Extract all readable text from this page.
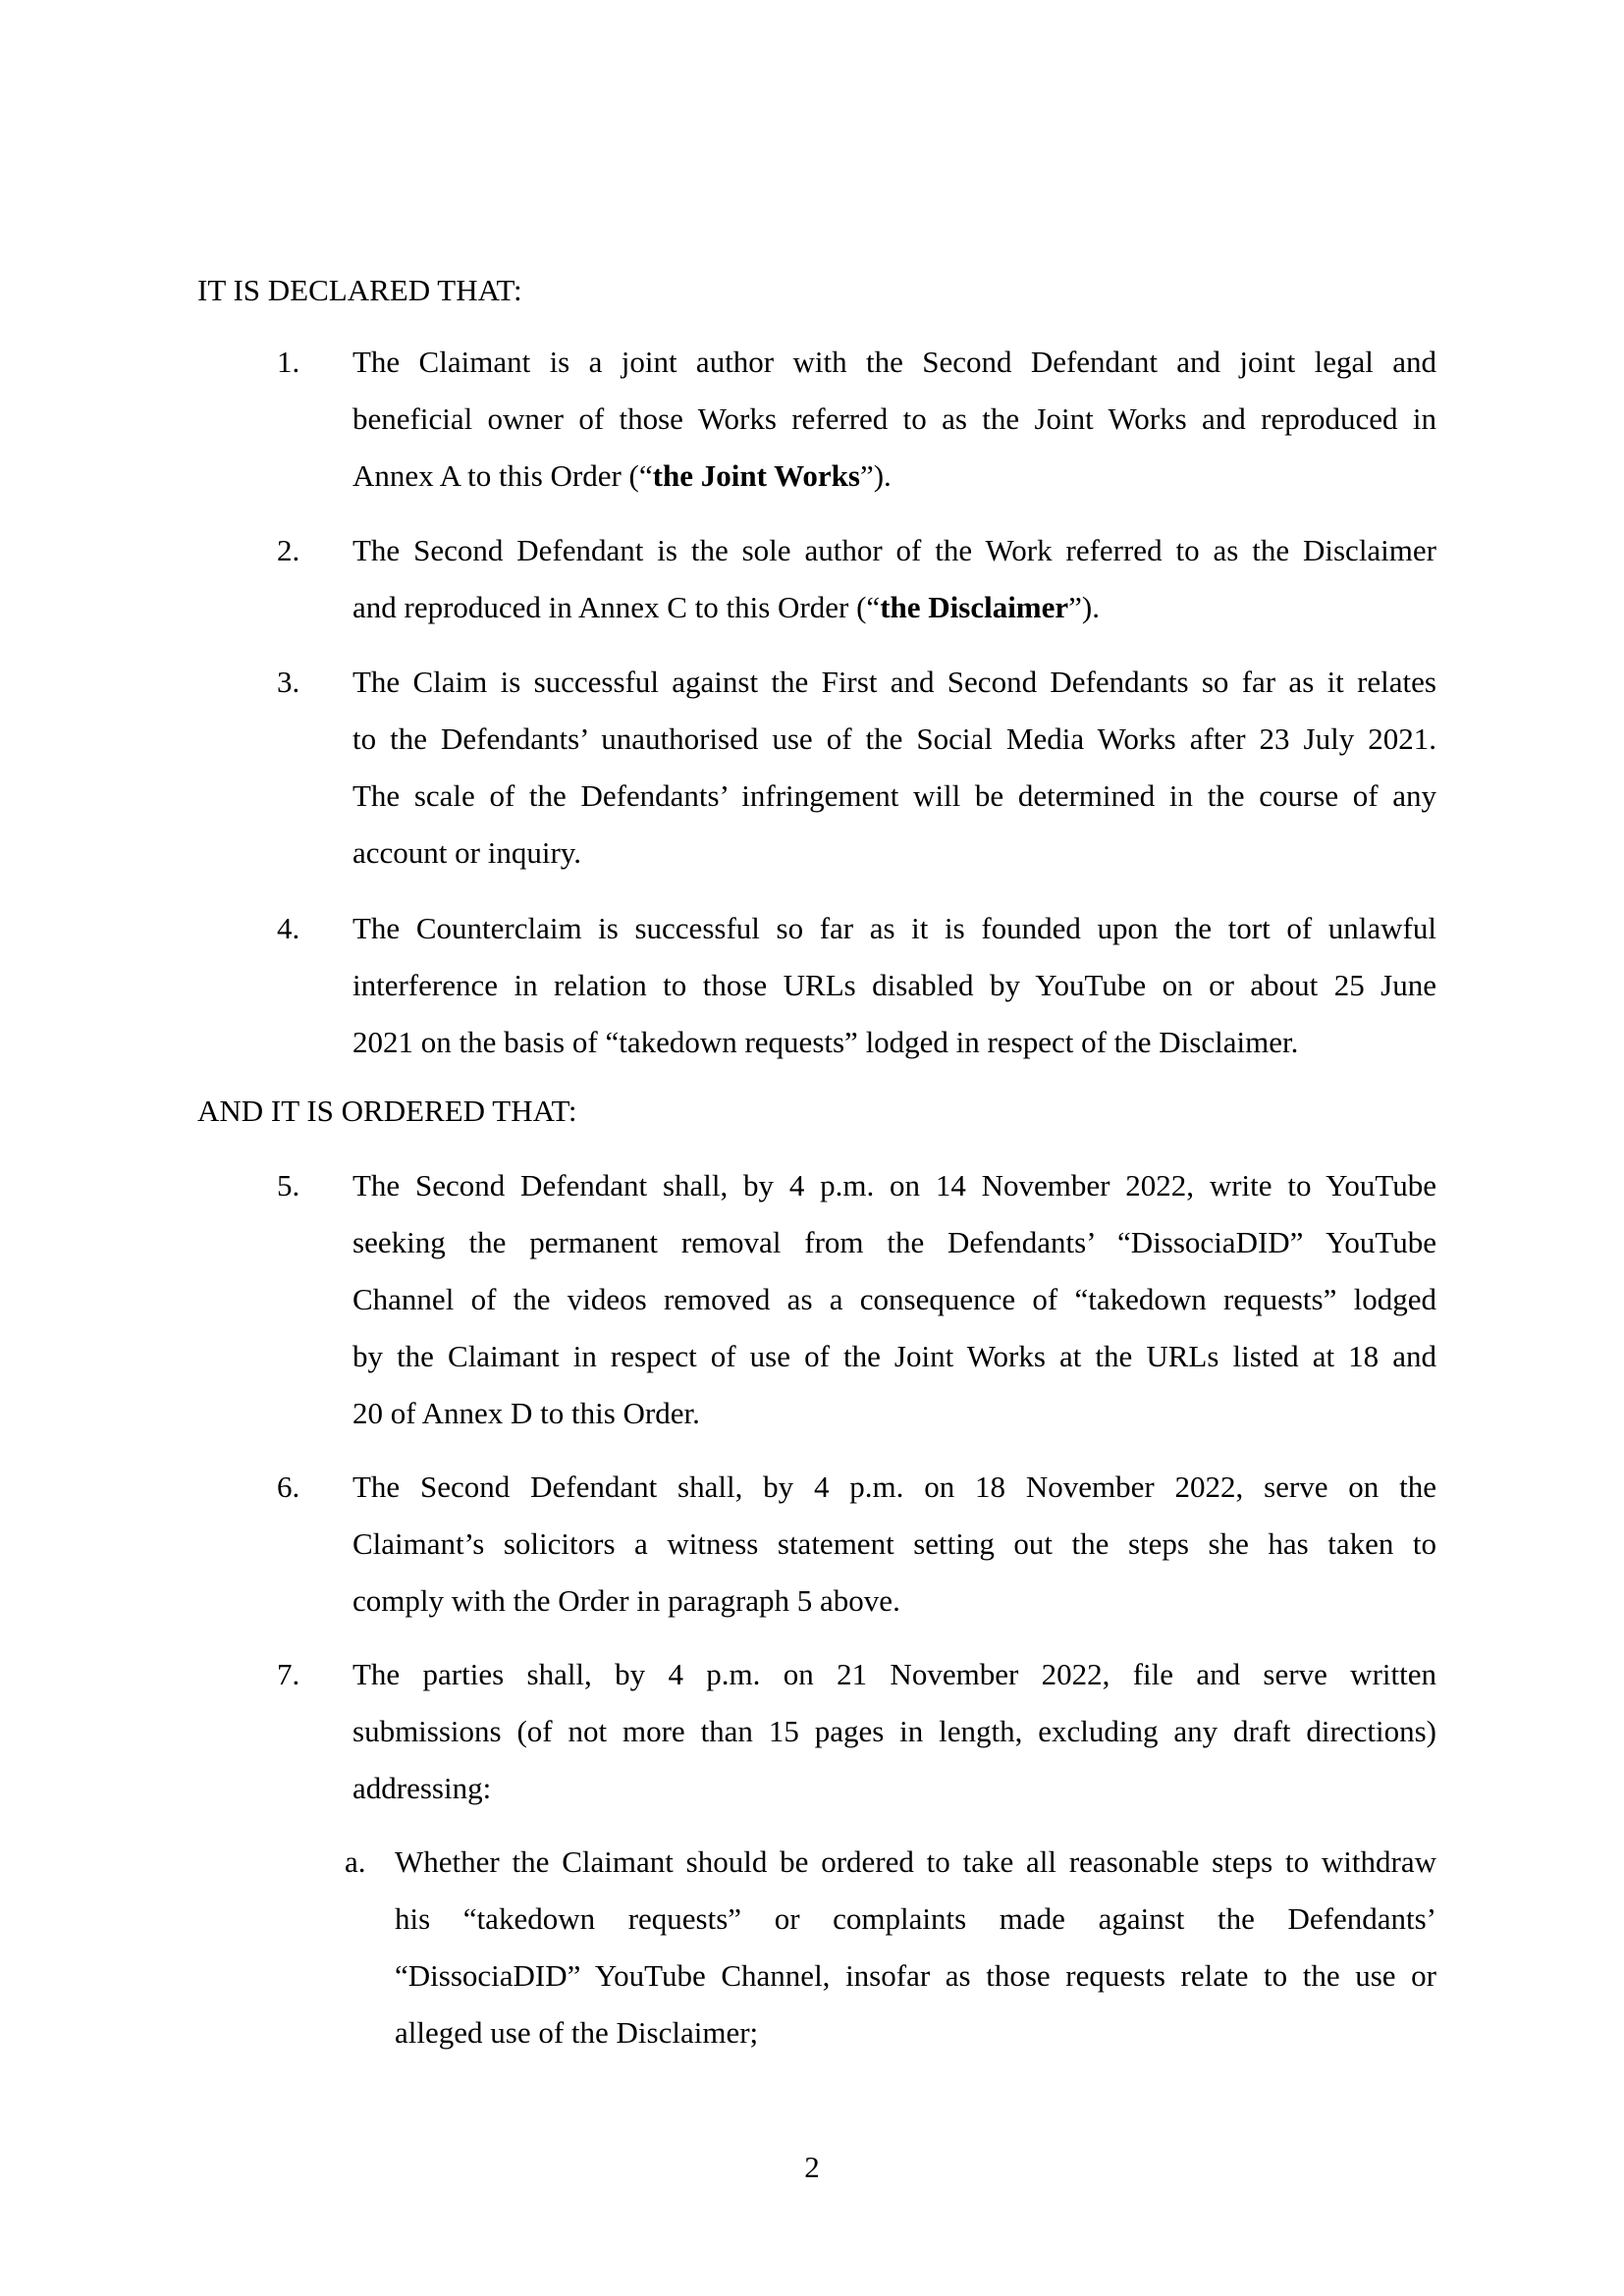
IT IS DECLARED THAT:
1. The Claimant is a joint author with the Second Defendant and joint legal and
beneficial owner of those Works referred to as the Joint Works and reproduced in
Annex A to this Order (“the Joint Works”).
2. The Second Defendant is the sole author of the Work referred to as the Disclaimer
and reproduced in Annex C to this Order (“the Disclaimer”).
3. The Claim is successful against the First and Second Defendants so far as it relates
to the Defendants’ unauthorised use of the Social Media Works after 23 July 2021.
The scale of the Defendants’ infringement will be determined in the course of any
account or inquiry.
4. The Counterclaim is successful so far as it is founded upon the tort of unlawful
interference in relation to those URLs disabled by YouTube on or about 25 June
2021 on the basis of “takedown requests” lodged in respect of the Disclaimer.
AND IT IS ORDERED THAT:
5. The Second Defendant shall, by 4 p.m. on 14 November 2022, write to YouTube
seeking the permanent removal from the Defendants’ “DissociaDID” YouTube
Channel of the videos removed as a consequence of “takedown requests” lodged
by the Claimant in respect of use of the Joint Works at the URLs listed at 18 and
20 of Annex D to this Order.
6. The Second Defendant shall, by 4 p.m. on 18 November 2022, serve on the
Claimant’s solicitors a witness statement setting out the steps she has taken to
comply with the Order in paragraph 5 above.
7. The parties shall, by 4 p.m. on 21 November 2022, file and serve written
submissions (of not more than 15 pages in length, excluding any draft directions)
addressing:
a. Whether the Claimant should be ordered to take all reasonable steps to withdraw
his “takedown requests” or complaints made against the Defendants’
“DissociaDID” YouTube Channel, insofar as those requests relate to the use or
alleged use of the Disclaimer;
2
